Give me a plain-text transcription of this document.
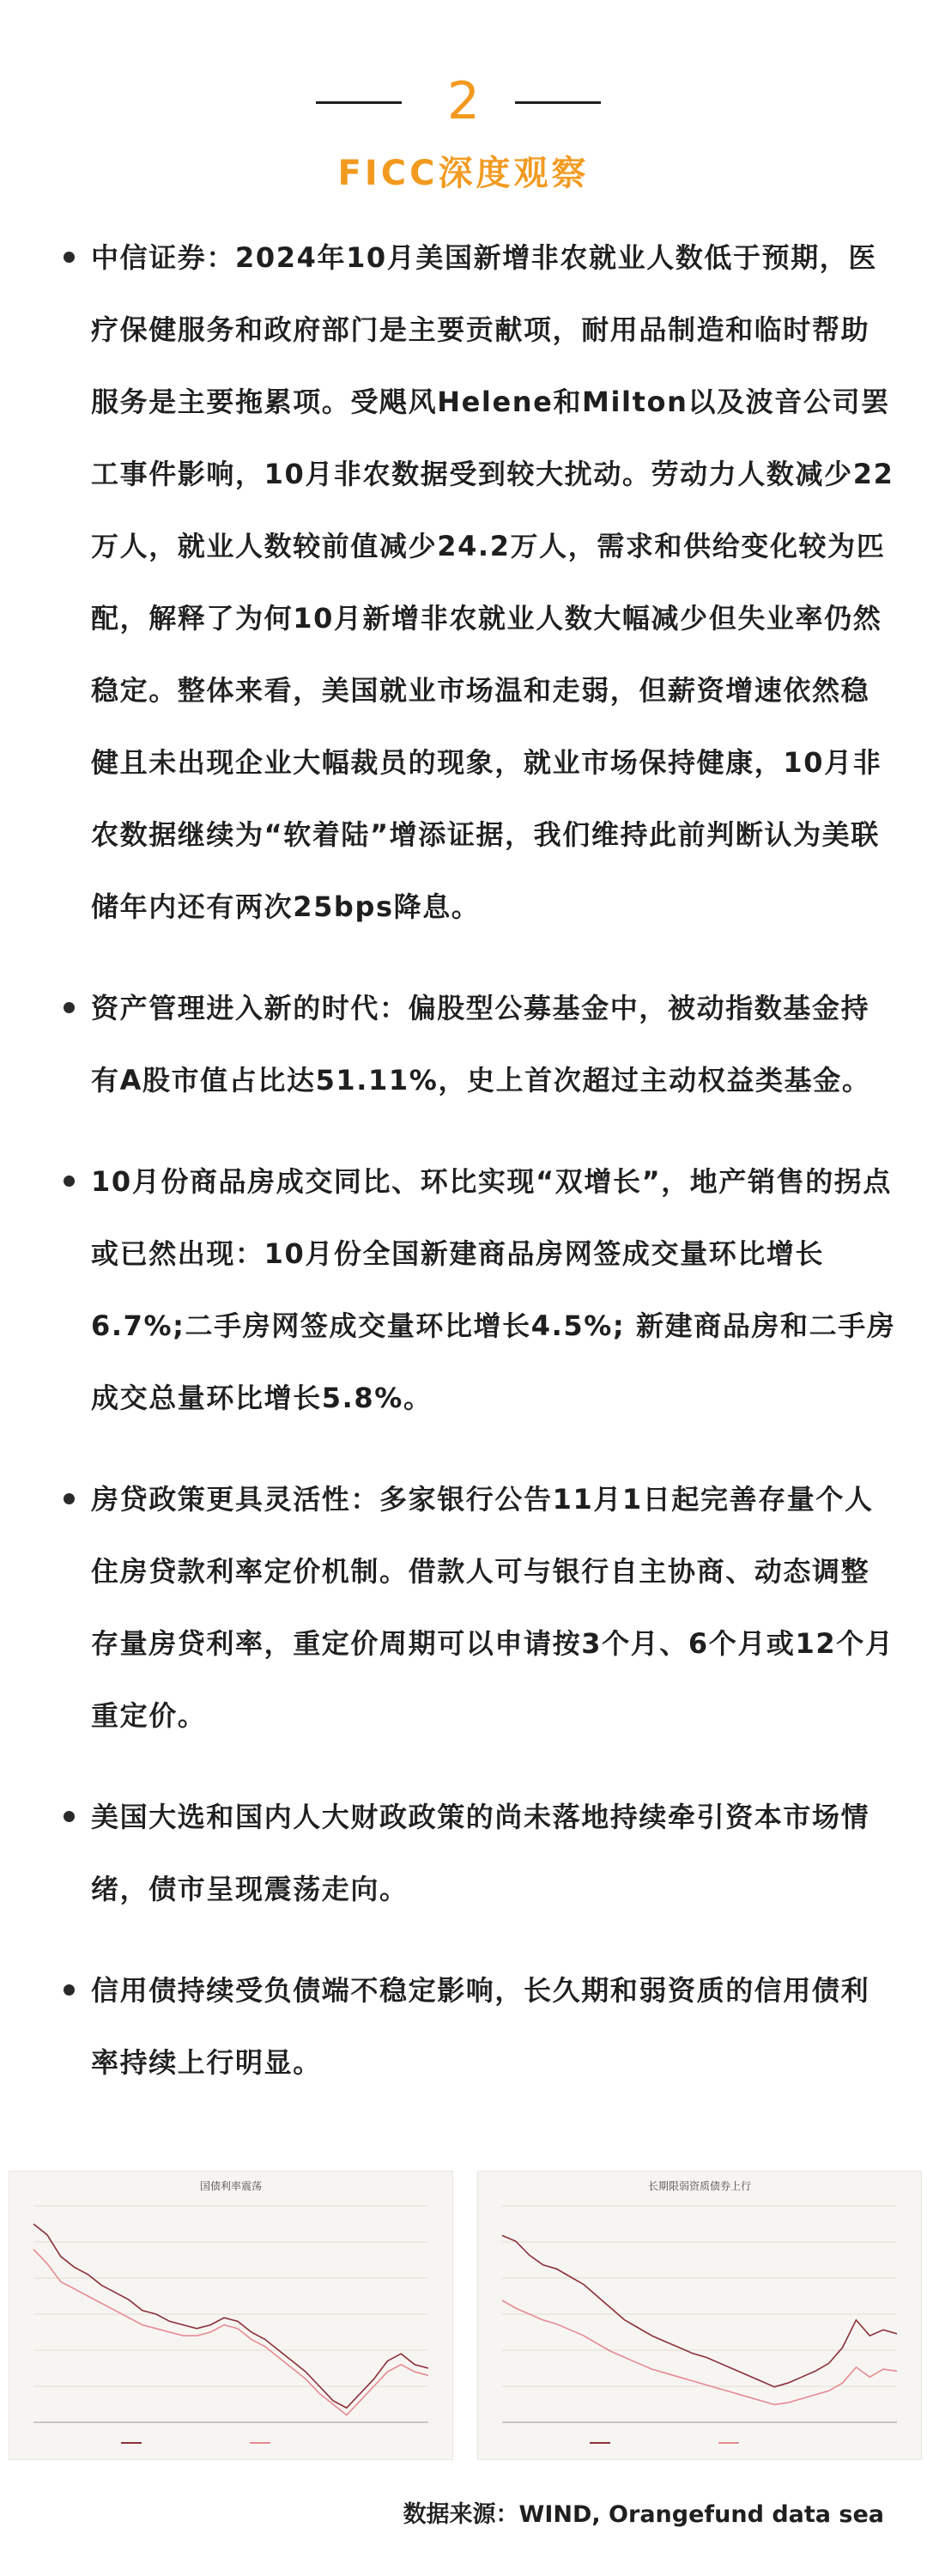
2
FICC深度观察
中信证券：2024年10月美国新增非农就业人数低于预期，医疗保健服务和政府部门是主要贡献项，耐用品制造和临时帮助服务是主要拖累项。受飓风Helene和Milton以及波音公司罢工事件影响，10月非农数据受到较大扰动。劳动力人数减少22万人，就业人数较前值减少24.2万人，需求和供给变化较为匹配，解释了为何10月新增非农就业人数大幅减少但失业率仍然稳定。整体来看，美国就业市场温和走弱，但薪资增速依然稳健且未出现企业大幅裁员的现象，就业市场保持健康，10月非农数据继续为“软着陆”增添证据，我们维持此前判断认为美联储年内还有两次25bps降息。
资产管理进入新的时代：偏股型公募基金中，被动指数基金持有A股市值占比达51.11%，史上首次超过主动权益类基金。
10月份商品房成交同比、环比实现“双增长”，地产销售的拐点或已然出现：10月份全国新建商品房网签成交量环比增长6.7%;二手房网签成交量环比增长4.5%; 新建商品房和二手房成交总量环比增长5.8%。
房贷政策更具灵活性：多家银行公告11月1日起完善存量个人住房贷款利率定价机制。借款人可与银行自主协商、动态调整存量房贷利率，重定价周期可以申请按3个月、6个月或12个月重定价。
美国大选和国内人大财政政策的尚未落地持续牵引资本市场情绪，债市呈现震荡走向。
信用债持续受负债端不稳定影响，长久期和弱资质的信用债利率持续上行明显。
国债利率震荡	长期限弱资质债券上行
数据来源：WIND, Orangefund data sea
